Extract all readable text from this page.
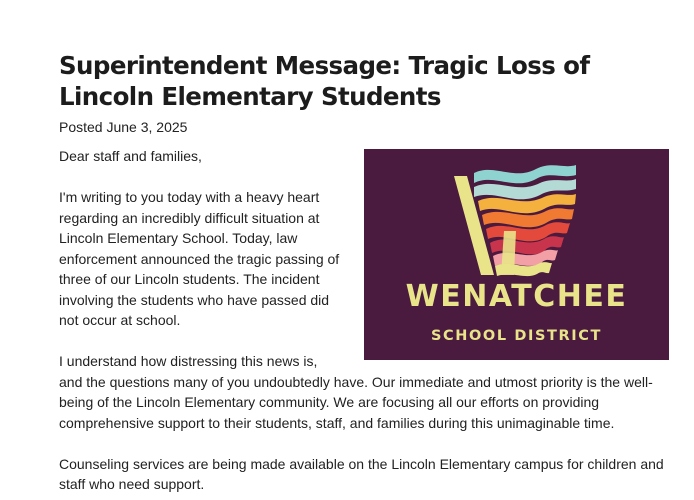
Superintendent Message: Tragic Loss of Lincoln Elementary Students
Posted June 3, 2025
WENATCHEE
SCHOOL DISTRICT

Dear staff and families,

I'm writing to you today with a heavy heart regarding an incredibly difficult situation at Lincoln Elementary School. Today, law enforcement announced the tragic passing of three of our Lincoln students. The incident involving the students who have passed did not occur at school.

I understand how distressing this news is, and the questions many of you undoubtedly have. Our immediate and utmost priority is the well-being of the Lincoln Elementary community. We are focusing all our efforts on providing comprehensive support to their students, staff, and families during this unimaginable time.

Counseling services are being made available on the Lincoln Elementary campus for children and staff who need support.
